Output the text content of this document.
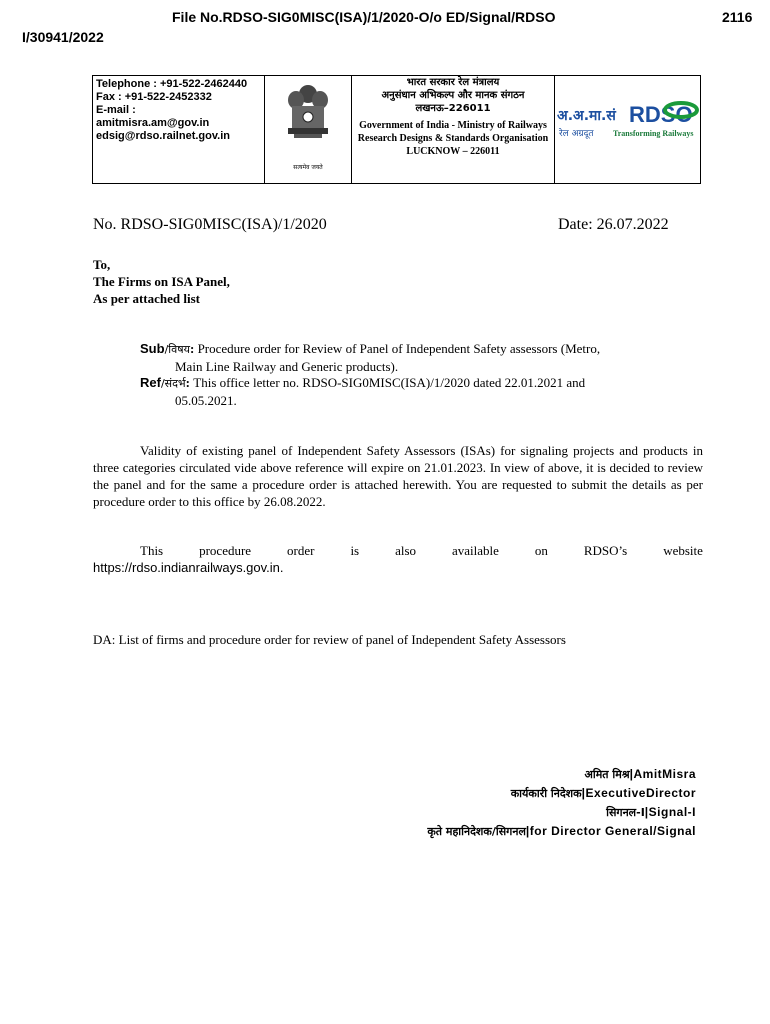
File No.RDSO-SIG0MISC(ISA)/1/2020-O/o ED/Signal/RDSO	2116
I/30941/2022
Telephone : +91-522-2462440
Fax : +91-522-2452332
E-mail :
amitmisra.am@gov.in
edsig@rdso.railnet.gov.in

सत्यमेव जयते

भारत सरकार रेल मंत्रालय
अनुसंधान अभिकल्प और मानक संगठन
लखनऊ–226011
Government of India - Ministry of Railways
Research Designs & Standards Organisation
LUCKNOW – 226011

अ.अ.मा.सं RDSO
रेल अग्रदूत Transforming Railways
No. RDSO-SIG0MISC(ISA)/1/2020	Date: 26.07.2022
To,
The Firms on ISA Panel,
As per attached list
Sub/विषय: Procedure order for Review of Panel of Independent Safety assessors (Metro,
Main Line Railway and Generic products).
Ref/संदर्भ: This office letter no. RDSO-SIG0MISC(ISA)/1/2020 dated 22.01.2021 and
05.05.2021.
Validity of existing panel of Independent Safety Assessors (ISAs) for signaling projects and products in three categories circulated vide above reference will expire on 21.01.2023. In view of above, it is decided to review the panel and for the same a procedure order is attached herewith. You are requested to submit the details as per procedure order to this office by 26.08.2022.
This	procedure	order	is	also	available	on	RDSO’s	website
https://rdso.indianrailways.gov.in.
DA: List of firms and procedure order for review of panel of Independent Safety Assessors
अमित मिश्र|AmitMisra
कार्यकारी निदेशक|ExecutiveDirector
सिगनल-I|Signal-I
कृते महानिदेशक/सिगनल|for Director General/Signal
